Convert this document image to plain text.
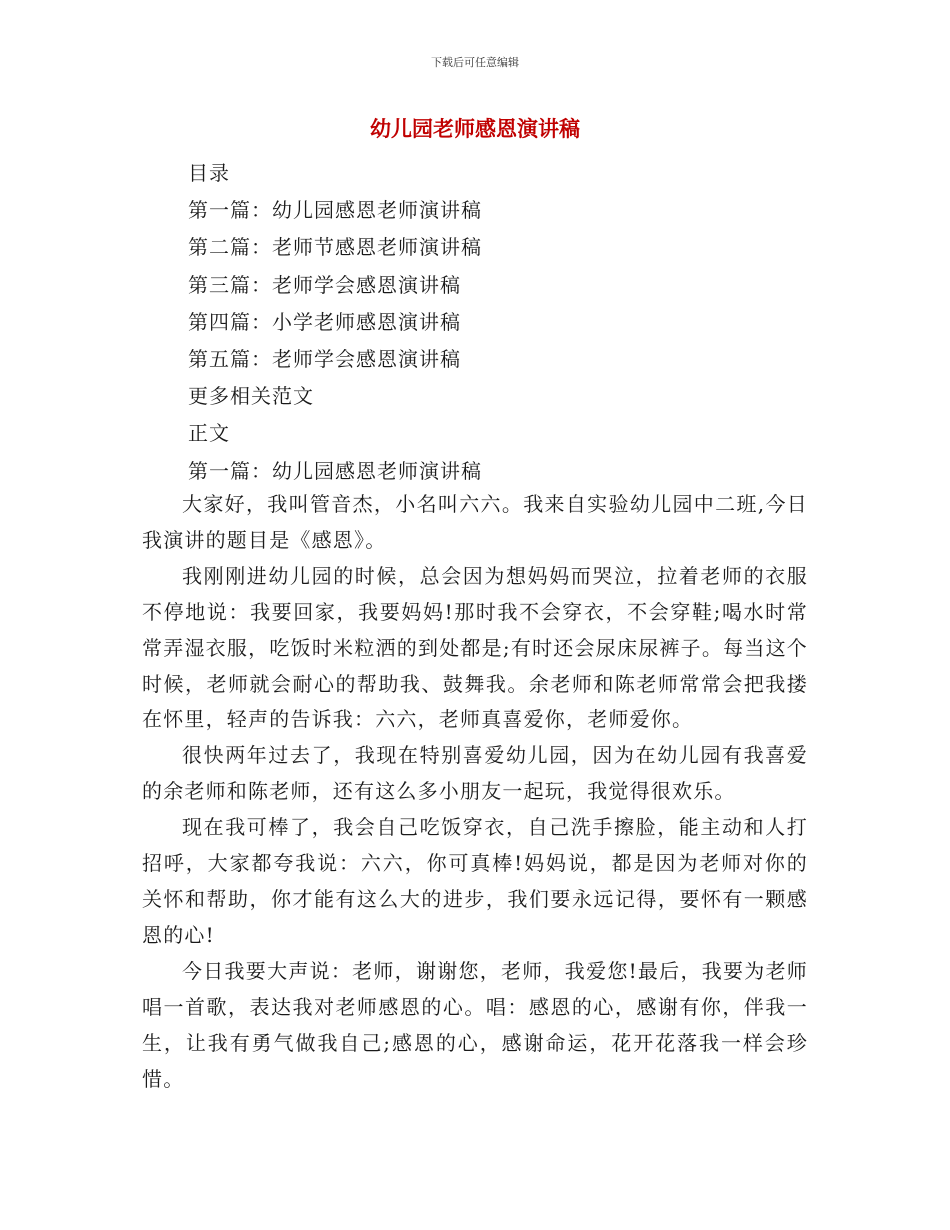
下载后可任意编辑
幼儿园老师感恩演讲稿
目录
第一篇：幼儿园感恩老师演讲稿
第二篇：老师节感恩老师演讲稿
第三篇：老师学会感恩演讲稿
第四篇：小学老师感恩演讲稿
第五篇：老师学会感恩演讲稿
更多相关范文
正文
第一篇：幼儿园感恩老师演讲稿

大家好，我叫管音杰，小名叫六六。我来自实验幼儿园中二班,今日我演讲的题目是《感恩》。

我刚刚进幼儿园的时候，总会因为想妈妈而哭泣，拉着老师的衣服不停地说：我要回家，我要妈妈!那时我不会穿衣，不会穿鞋;喝水时常常弄湿衣服，吃饭时米粒洒的到处都是;有时还会尿床尿裤子。每当这个时候，老师就会耐心的帮助我、鼓舞我。余老师和陈老师常常会把我搂在怀里，轻声的告诉我：六六，老师真喜爱你，老师爱你。

很快两年过去了，我现在特别喜爱幼儿园，因为在幼儿园有我喜爱的余老师和陈老师，还有这么多小朋友一起玩，我觉得很欢乐。

现在我可棒了，我会自己吃饭穿衣，自己洗手擦脸，能主动和人打招呼，大家都夸我说：六六，你可真棒!妈妈说，都是因为老师对你的关怀和帮助，你才能有这么大的进步，我们要永远记得，要怀有一颗感恩的心!

今日我要大声说：老师，谢谢您，老师，我爱您!最后，我要为老师唱一首歌，表达我对老师感恩的心。唱：感恩的心，感谢有你，伴我一生，让我有勇气做我自己;感恩的心，感谢命运，花开花落我一样会珍惜。
